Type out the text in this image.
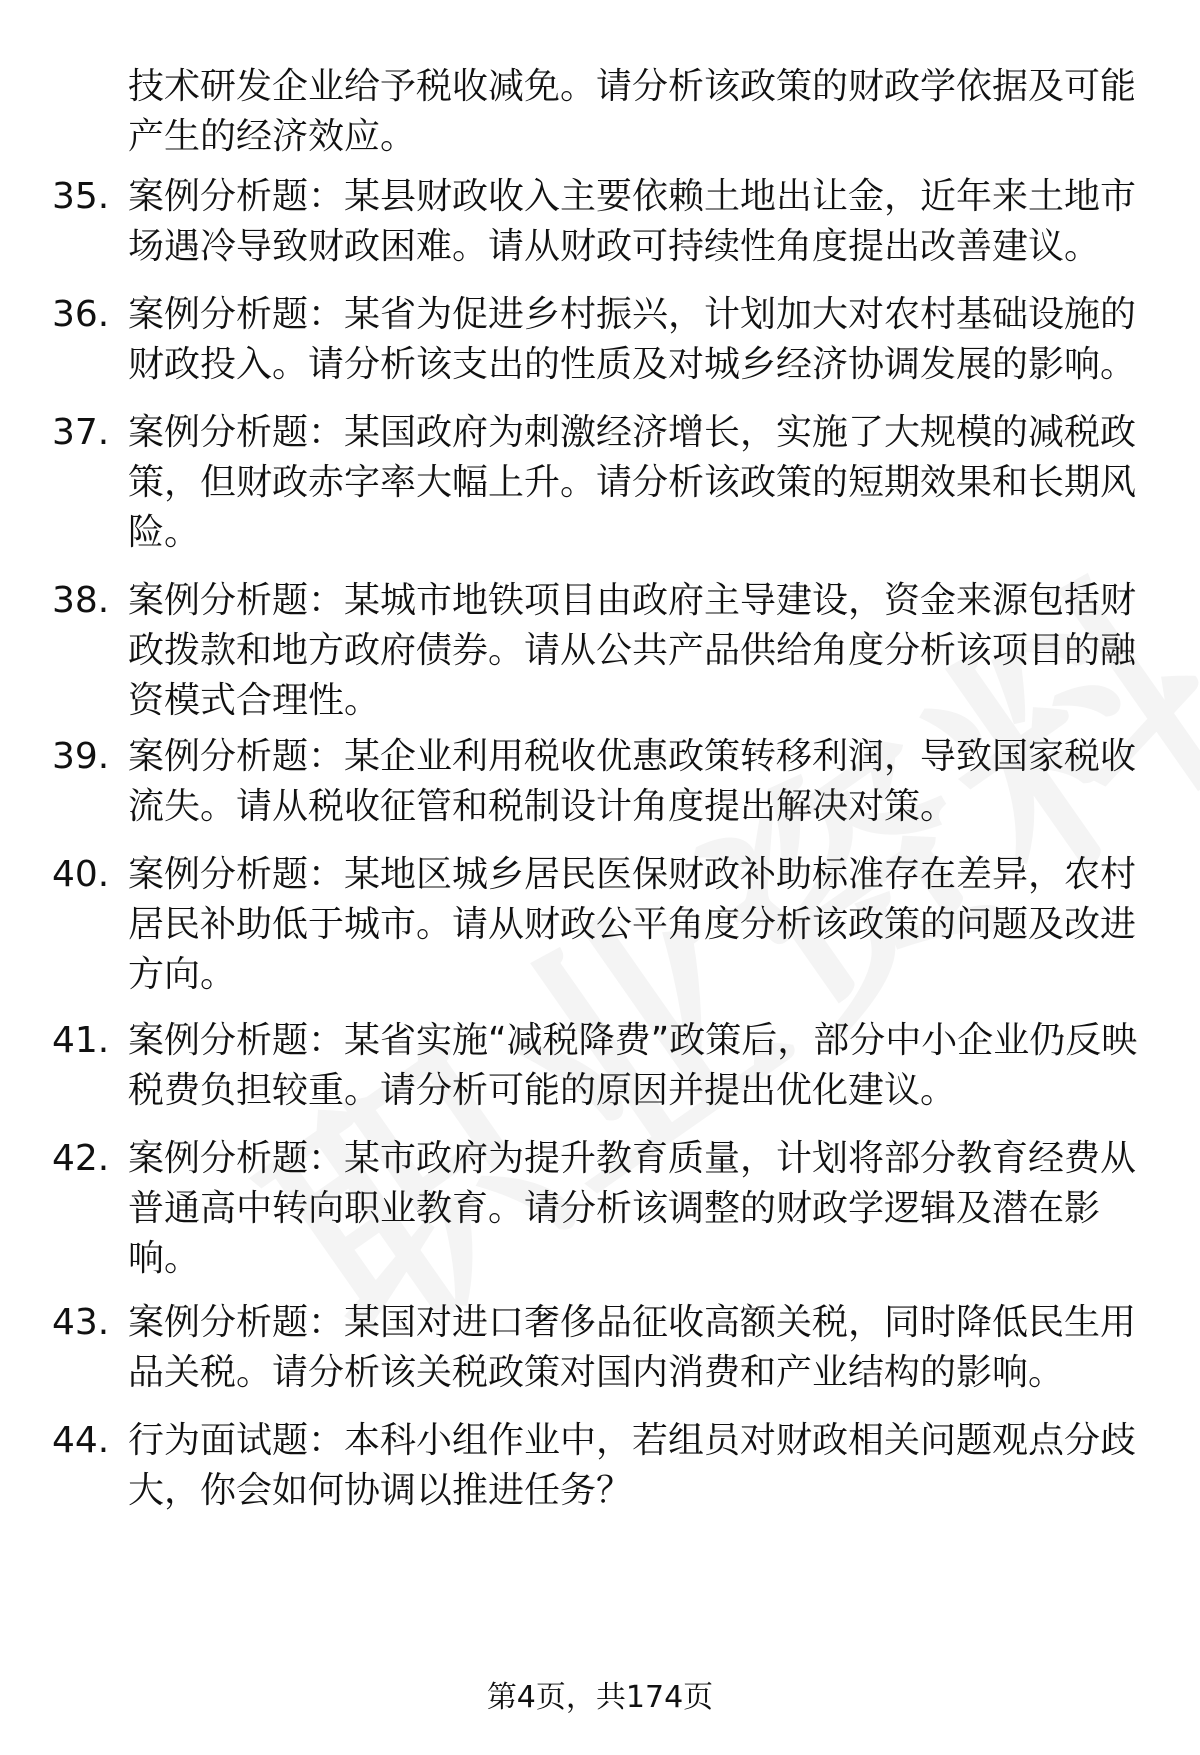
技术研发企业给予税收减免。请分析该政策的财政学依据及可能产生的经济效应。

35. 案例分析题：某县财政收入主要依赖土地出让金，近年来土地市场遇冷导致财政困难。请从财政可持续性角度提出改善建议。
36. 案例分析题：某省为促进乡村振兴，计划加大对农村基础设施的财政投入。请分析该支出的性质及对城乡经济协调发展的影响。
37. 案例分析题：某国政府为刺激经济增长，实施了大规模的减税政策，但财政赤字率大幅上升。请分析该政策的短期效果和长期风险。
38. 案例分析题：某城市地铁项目由政府主导建设，资金来源包括财政拨款和地方政府债券。请从公共产品供给角度分析该项目的融资模式合理性。
39. 案例分析题：某企业利用税收优惠政策转移利润，导致国家税收流失。请从税收征管和税制设计角度提出解决对策。
40. 案例分析题：某地区城乡居民医保财政补助标准存在差异，农村居民补助低于城市。请从财政公平角度分析该政策的问题及改进方向。
41. 案例分析题：某省实施“减税降费”政策后，部分中小企业仍反映税费负担较重。请分析可能的原因并提出优化建议。
42. 案例分析题：某市政府为提升教育质量，计划将部分教育经费从普通高中转向职业教育。请分析该调整的财政学逻辑及潜在影响。
43. 案例分析题：某国对进口奢侈品征收高额关税，同时降低民生用品关税。请分析该关税政策对国内消费和产业结构的影响。
44. 行为面试题：本科小组作业中，若组员对财政相关问题观点分歧大，你会如何协调以推进任务？
第4页，共174页
